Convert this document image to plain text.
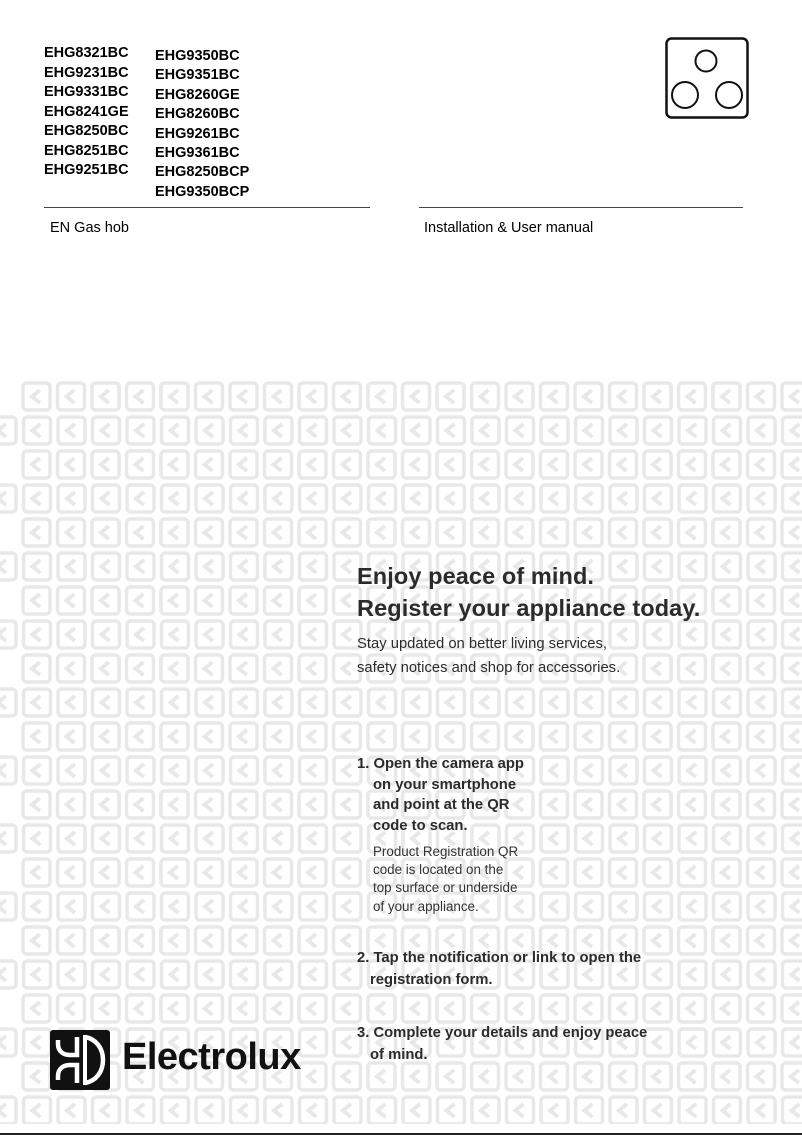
EHG8321BC
EHG9231BC
EHG9331BC
EHG8241GE
EHG8250BC
EHG8251BC
EHG9251BC
EHG9350BC
EHG9351BC
EHG8260GE
EHG8260BC
EHG9261BC
EHG9361BC
EHG8250BCP
EHG9350BCP
EN Gas hob	Installation & User manual
Enjoy peace of mind.
Register your appliance today.
Stay updated on better living services,
safety notices and shop for accessories.
1. Open the camera app
on your smartphone
and point at the QR
code to scan.
Product Registration QR
code is located on the
top surface or underside
of your appliance.
2. Tap the notification or link to open the
registration form.
3. Complete your details and enjoy peace
of mind.
Electrolux
